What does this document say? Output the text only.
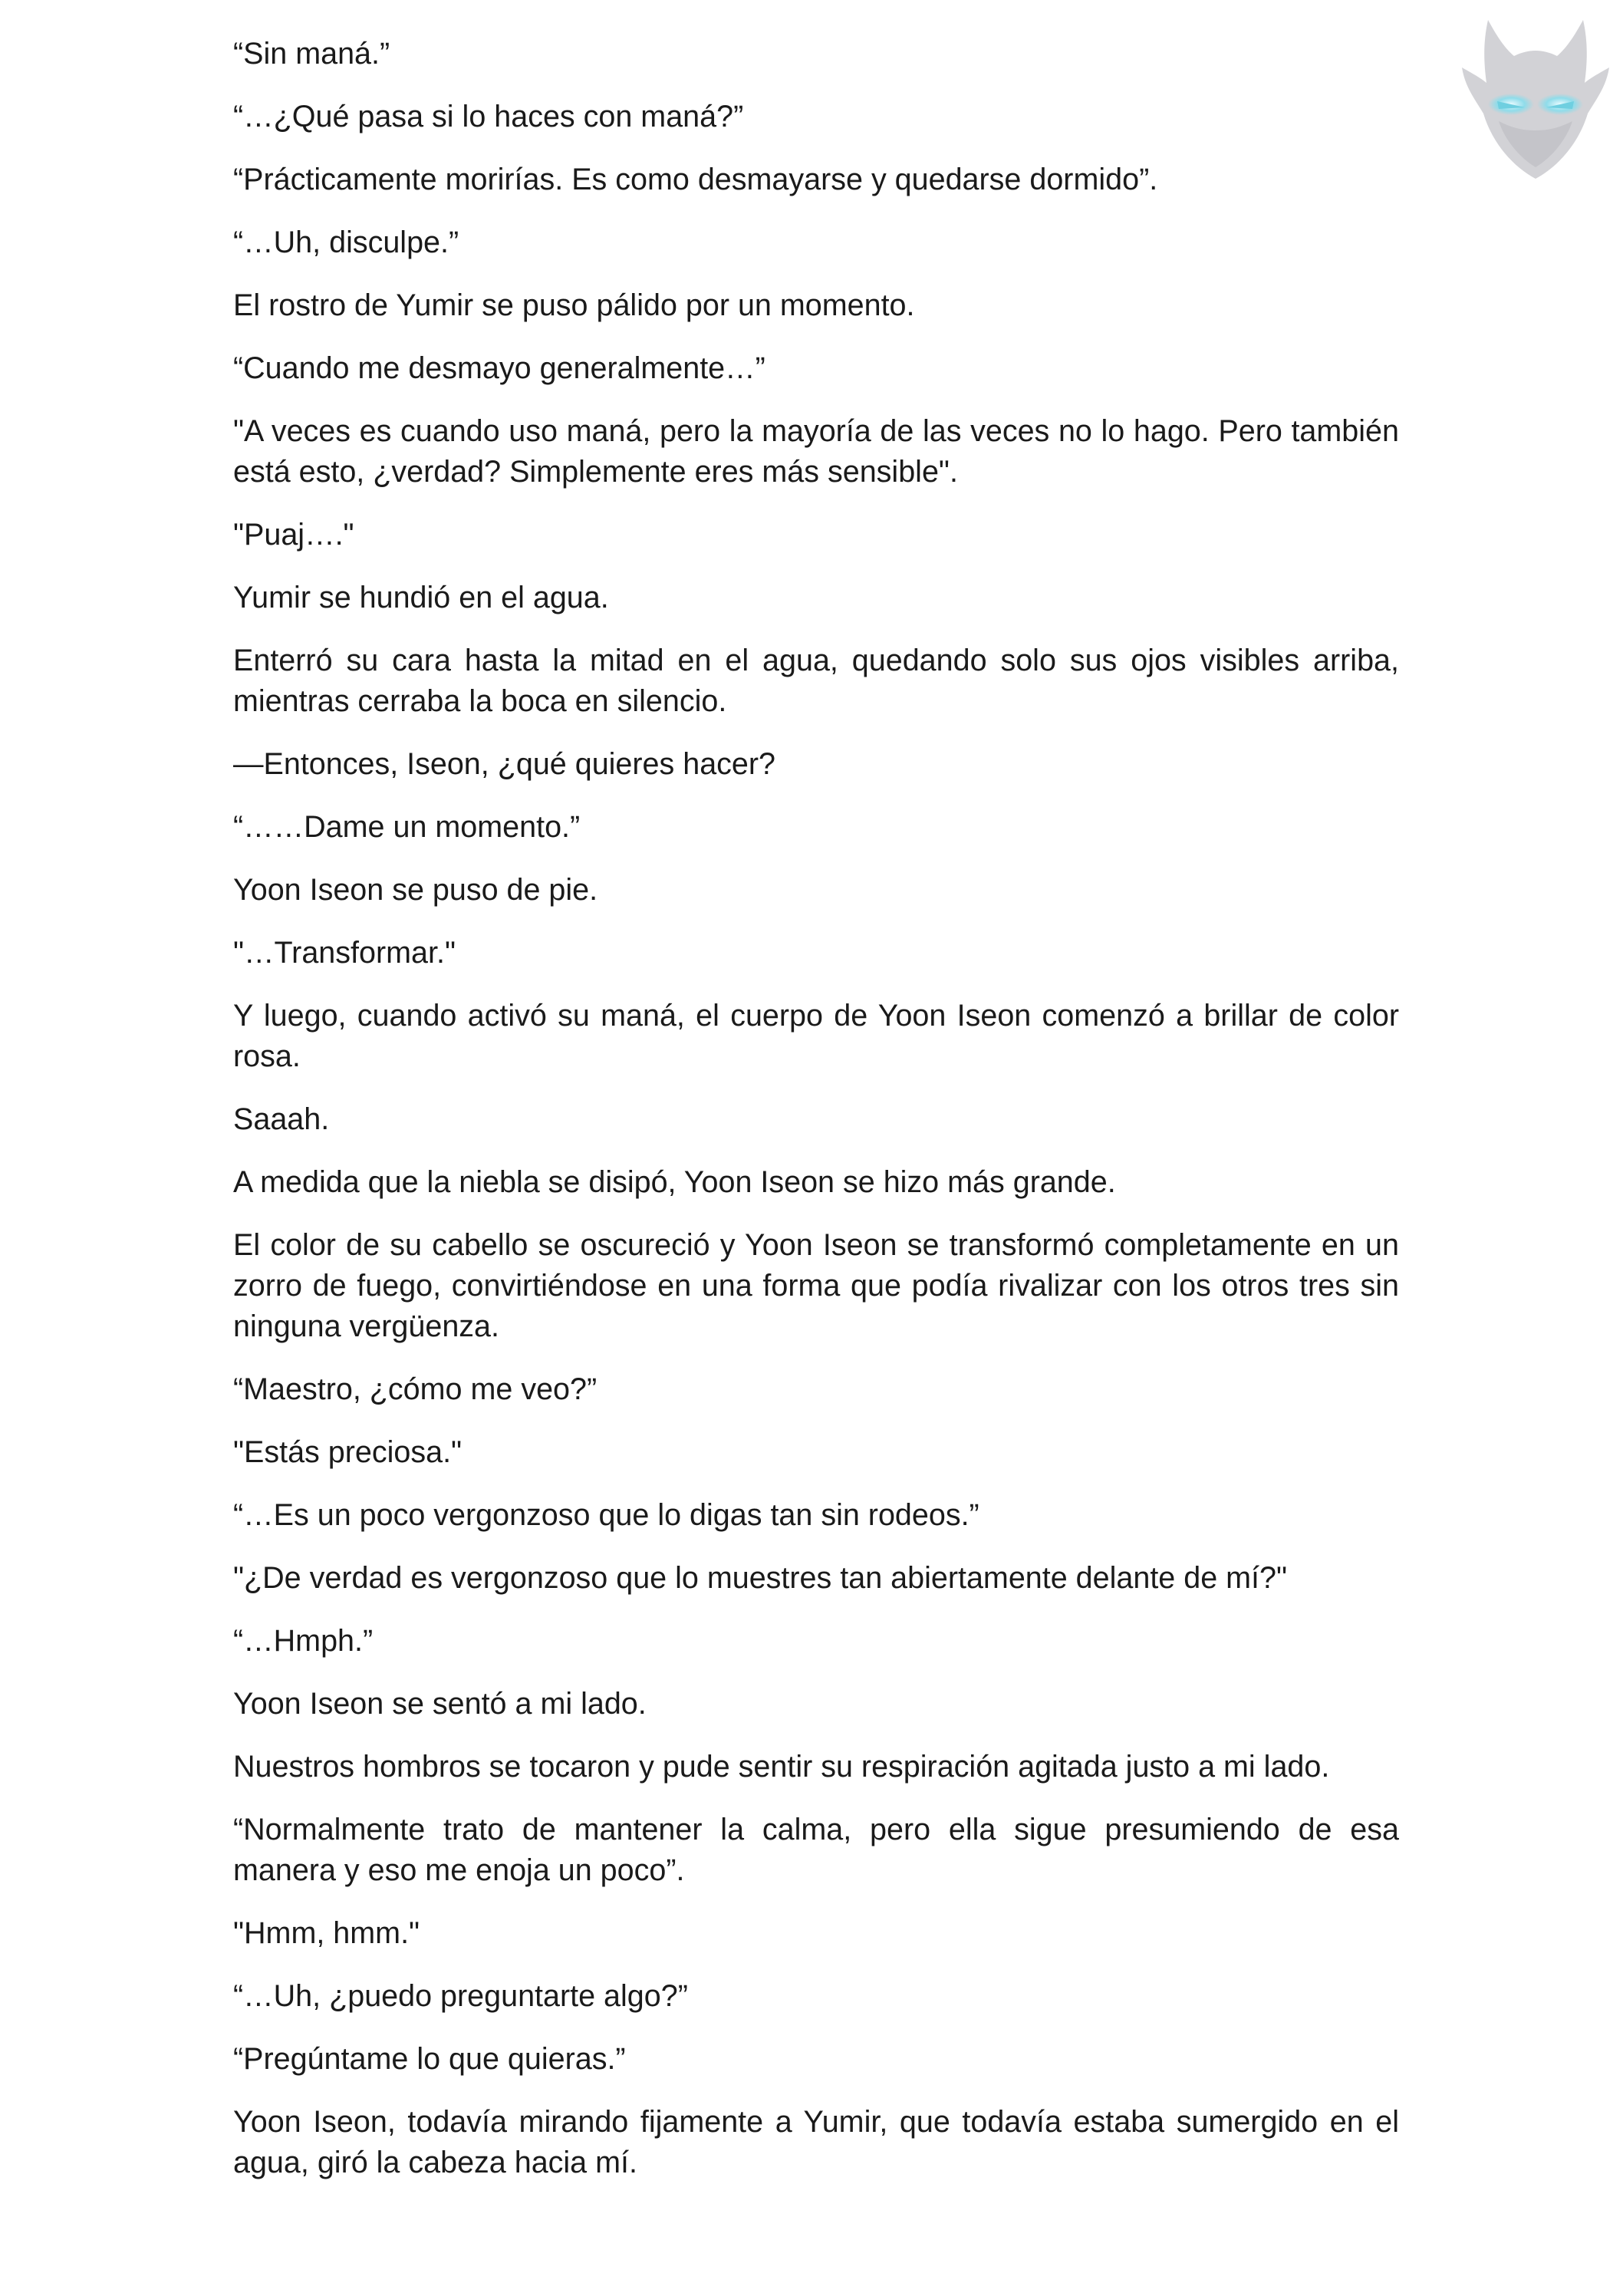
“Sin maná.”

“…¿Qué pasa si lo haces con maná?”

“Prácticamente morirías. Es como desmayarse y quedarse dormido”.

“…Uh, disculpe.”

El rostro de Yumir se puso pálido por un momento.

“Cuando me desmayo generalmente…”

"A veces es cuando uso maná, pero la mayoría de las veces no lo hago. Pero también está esto, ¿verdad? Simplemente eres más sensible".

"Puaj…."

Yumir se hundió en el agua.

Enterró su cara hasta la mitad en el agua, quedando solo sus ojos visibles arriba, mientras cerraba la boca en silencio.

—Entonces, Iseon, ¿qué quieres hacer?

“……Dame un momento.”

Yoon Iseon se puso de pie.

"…Transformar."

Y luego, cuando activó su maná, el cuerpo de Yoon Iseon comenzó a brillar de color rosa.

Saaah.

A medida que la niebla se disipó, Yoon Iseon se hizo más grande.

El color de su cabello se oscureció y Yoon Iseon se transformó completamente en un zorro de fuego, convirtiéndose en una forma que podía rivalizar con los otros tres sin ninguna vergüenza.

“Maestro, ¿cómo me veo?”

"Estás preciosa."

“…Es un poco vergonzoso que lo digas tan sin rodeos.”

"¿De verdad es vergonzoso que lo muestres tan abiertamente delante de mí?"

“…Hmph.”

Yoon Iseon se sentó a mi lado.

Nuestros hombros se tocaron y pude sentir su respiración agitada justo a mi lado.

“Normalmente trato de mantener la calma, pero ella sigue presumiendo de esa manera y eso me enoja un poco”.

"Hmm, hmm."

“…Uh, ¿puedo preguntarte algo?”

“Pregúntame lo que quieras.”

Yoon Iseon, todavía mirando fijamente a Yumir, que todavía estaba sumergido en el agua, giró la cabeza hacia mí.
